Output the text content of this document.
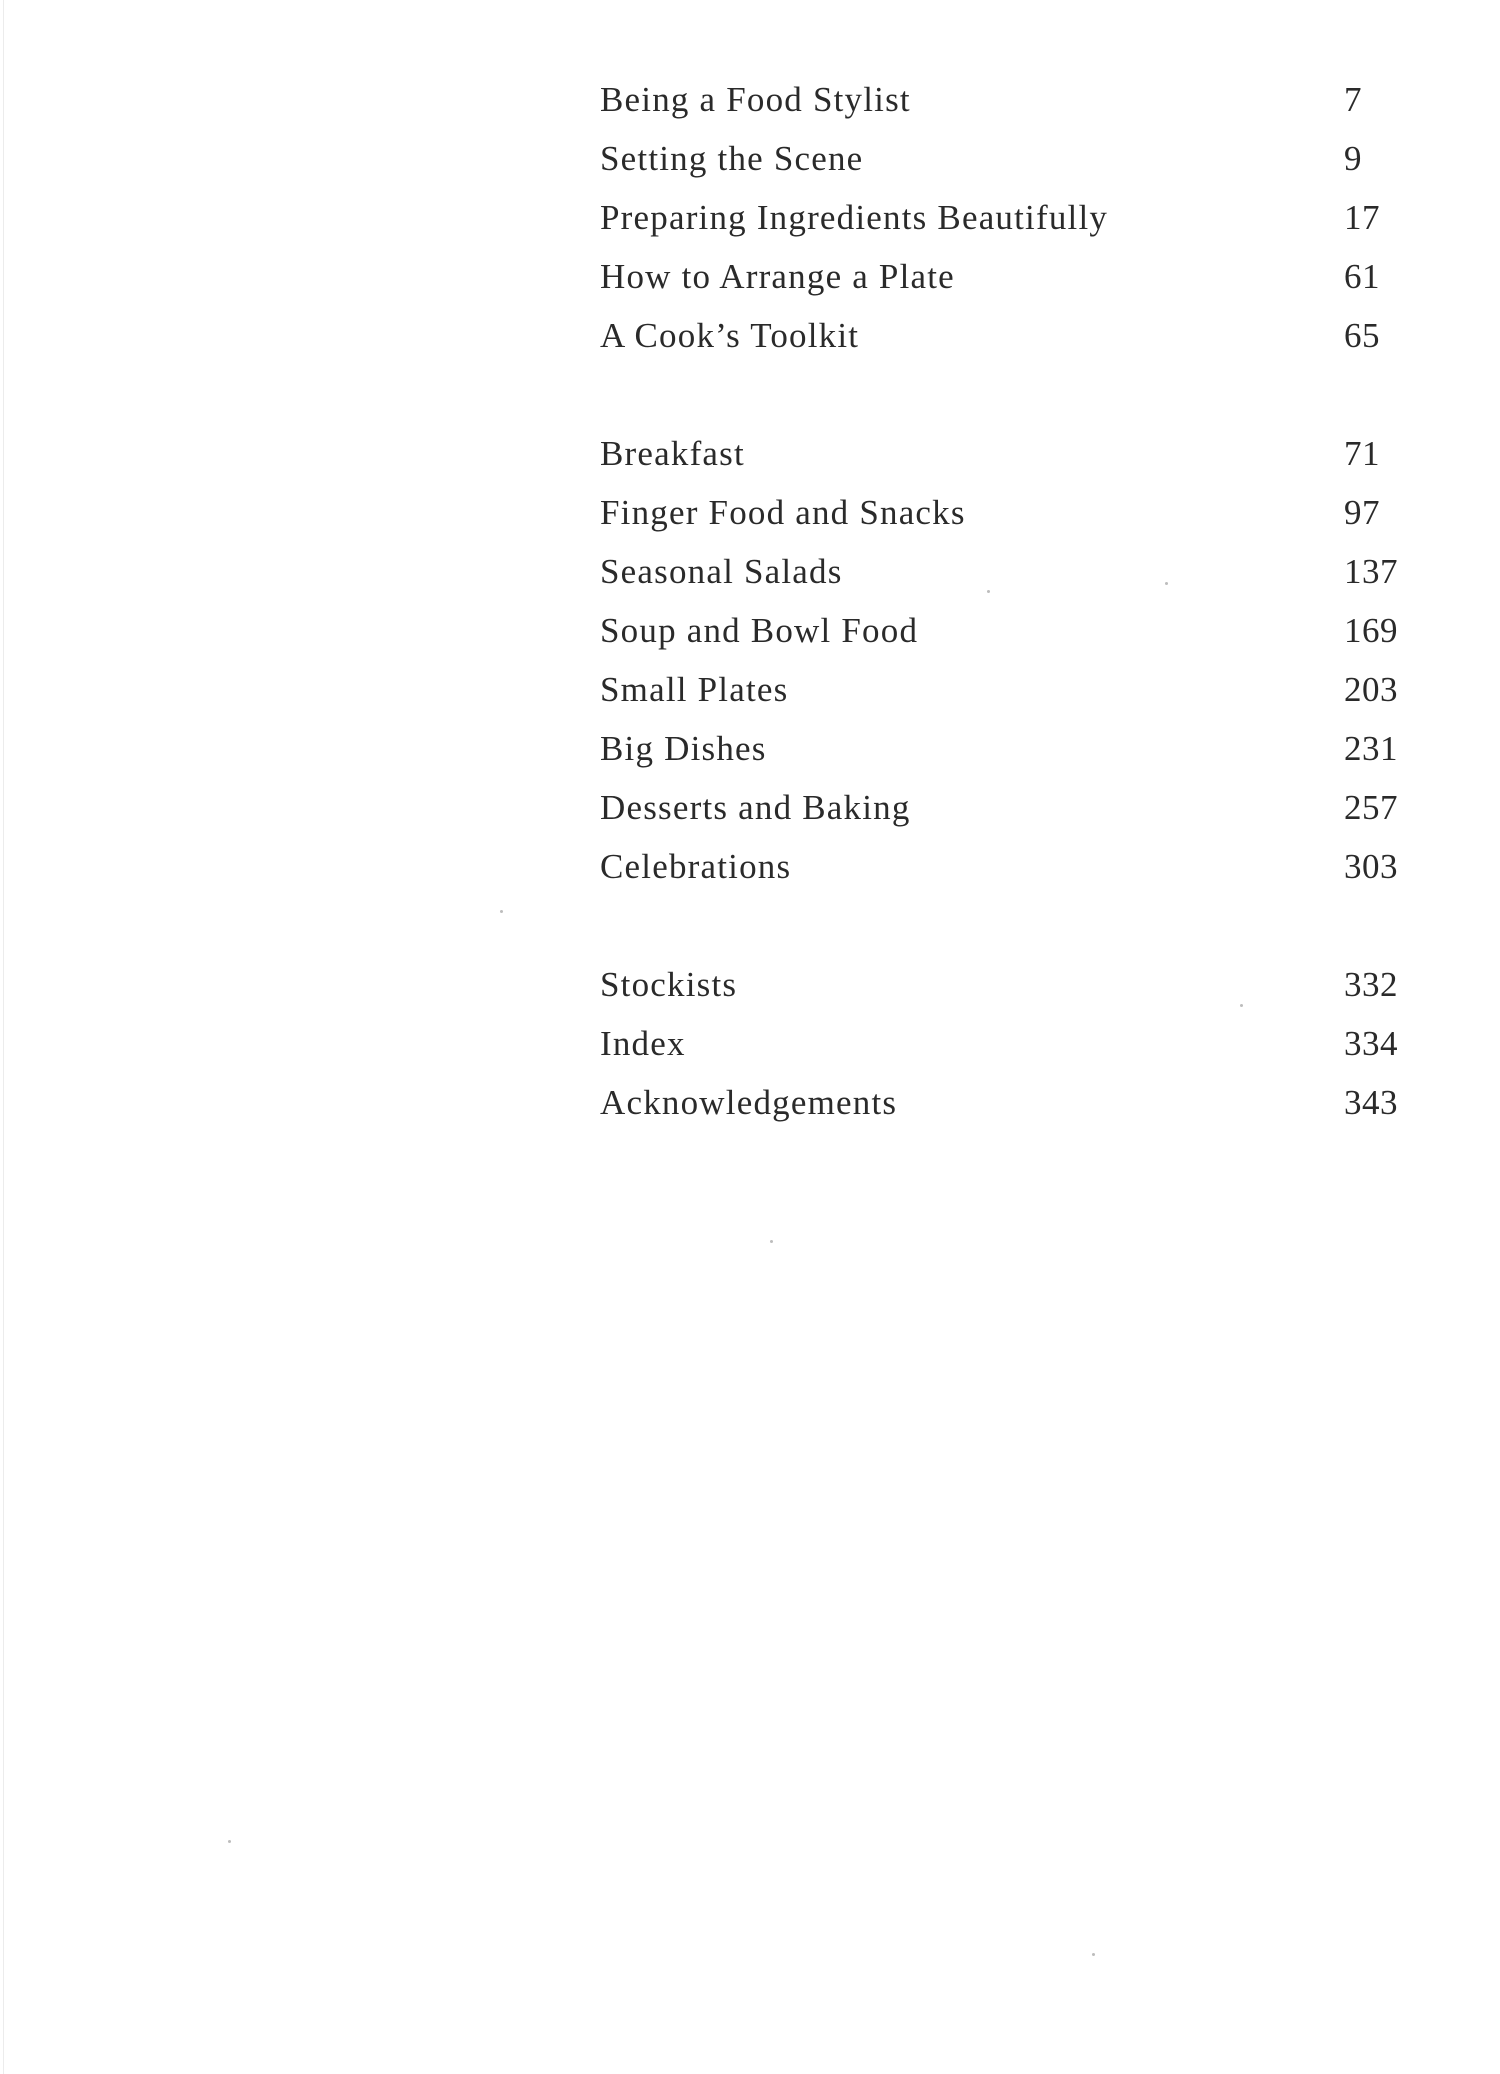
Being a Food Stylist	7
Setting the Scene	9
Preparing Ingredients Beautifully	17
How to Arrange a Plate	61
A Cook’s Toolkit	65
Breakfast	71
Finger Food and Snacks	97
Seasonal Salads	137
Soup and Bowl Food	169
Small Plates	203
Big Dishes	231
Desserts and Baking	257
Celebrations	303
Stockists	332
Index	334
Acknowledgements	343
